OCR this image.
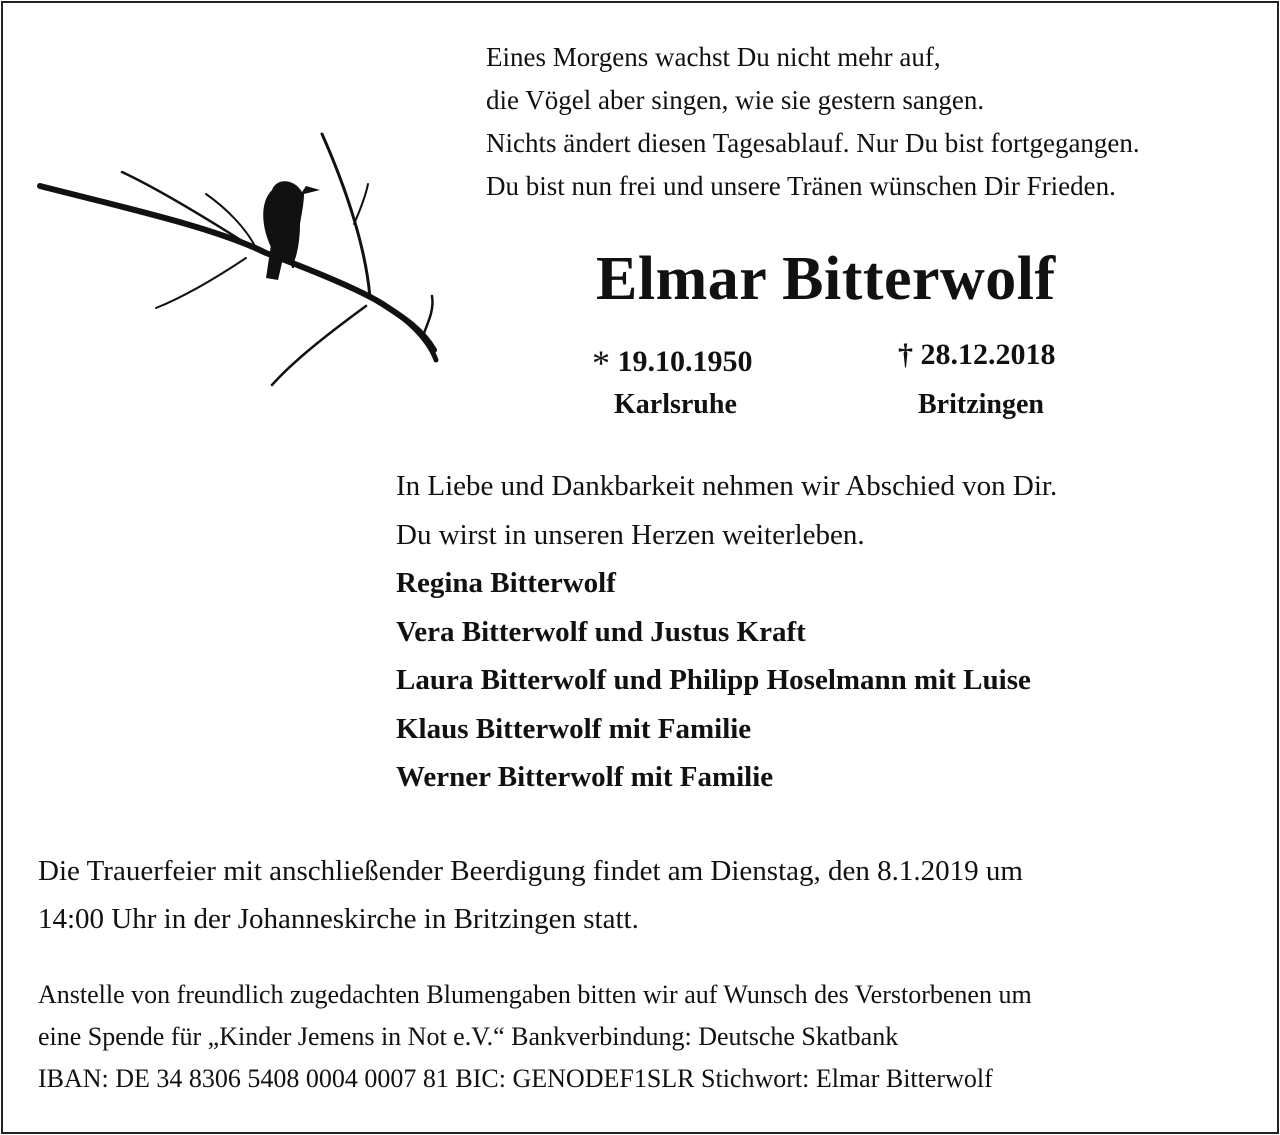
Eines Morgens wachst Du nicht mehr auf,
die Vögel aber singen, wie sie gestern sangen.
Nichts ändert diesen Tagesablauf. Nur Du bist fortgegangen.
Du bist nun frei und unsere Tränen wünschen Dir Frieden.
Elmar Bitterwolf
* 19.10.1950	† 28.12.2018
Karlsruhe	Britzingen
In Liebe und Dankbarkeit nehmen wir Abschied von Dir.
Du wirst in unseren Herzen weiterleben.
Regina Bitterwolf
Vera Bitterwolf und Justus Kraft
Laura Bitterwolf und Philipp Hoselmann mit Luise
Klaus Bitterwolf mit Familie
Werner Bitterwolf mit Familie
Die Trauerfeier mit anschließender Beerdigung findet am Dienstag, den 8.1.2019 um
14:00 Uhr in der Johanneskirche in Britzingen statt.
Anstelle von freundlich zugedachten Blumengaben bitten wir auf Wunsch des Verstorbenen um
eine Spende für „Kinder Jemens in Not e.V.“ Bankverbindung: Deutsche Skatbank
IBAN: DE 34 8306 5408 0004 0007 81 BIC: GENODEF1SLR Stichwort: Elmar Bitterwolf
